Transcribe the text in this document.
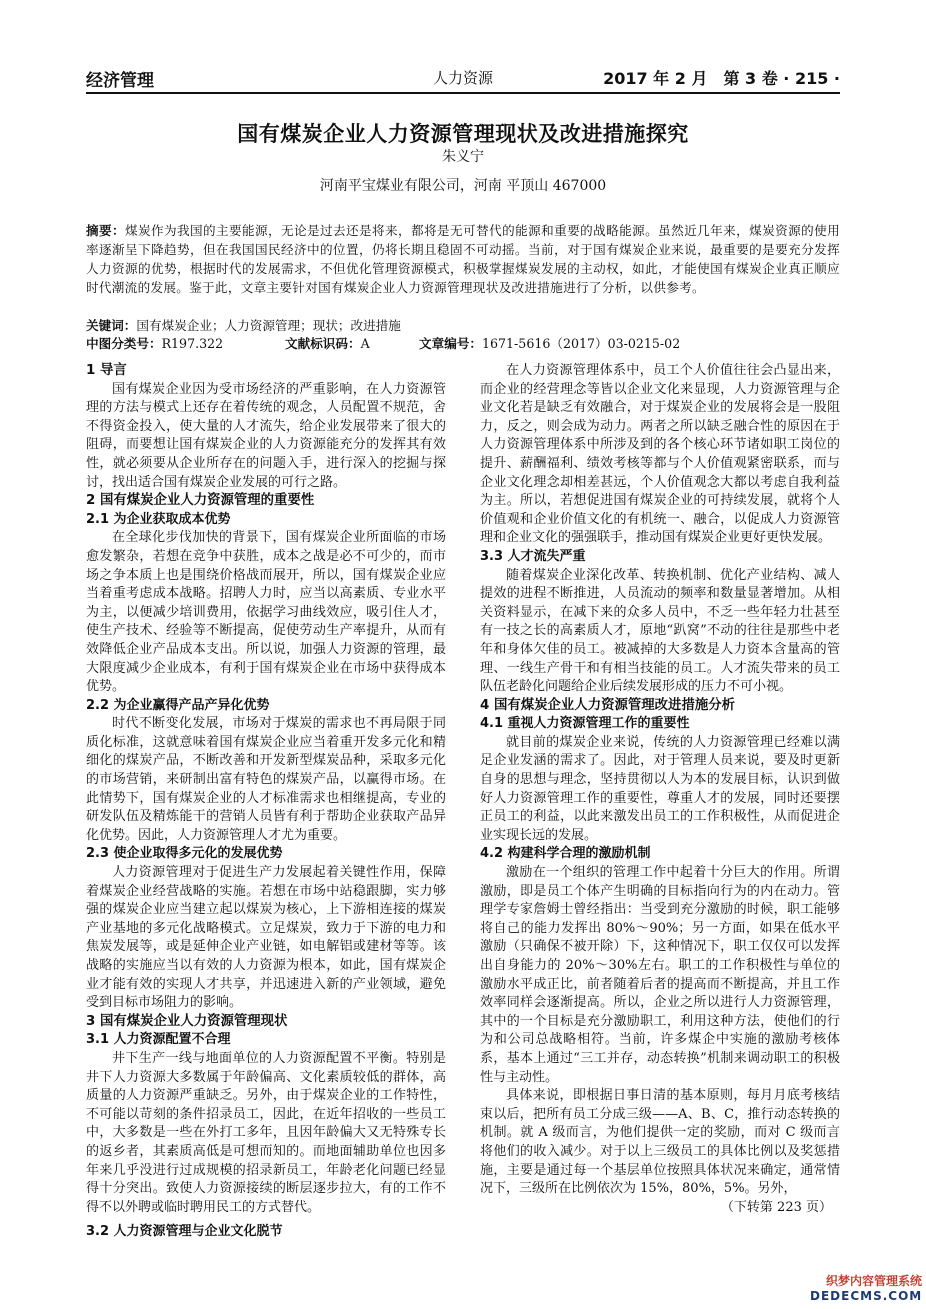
经济管理	人力资源	2017 年 2 月　第 3 卷 · 215 ·
国有煤炭企业人力资源管理现状及改进措施探究
朱义宁
河南平宝煤业有限公司，河南 平顶山 467000
摘要：煤炭作为我国的主要能源，无论是过去还是将来，都将是无可替代的能源和重要的战略能源。虽然近几年来，煤炭资源的使用率逐渐呈下降趋势，但在我国国民经济中的位置，仍将长期且稳固不可动摇。当前，对于国有煤炭企业来说，最重要的是要充分发挥人力资源的优势，根据时代的发展需求，不但优化管理资源模式，积极掌握煤炭发展的主动权，如此，才能使国有煤炭企业真正顺应时代潮流的发展。鉴于此，文章主要针对国有煤炭企业人力资源管理现状及改进措施进行了分析，以供参考。
关键词：国有煤炭企业；人力资源管理；现状；改进措施
中图分类号：R197.322	文献标识码：A	文章编号：1671-5616（2017）03-0215-02
1 导言

国有煤炭企业因为受市场经济的严重影响，在人力资源管理的方法与模式上还存在着传统的观念，人员配置不规范，舍不得资金投入，使大量的人才流失，给企业发展带来了很大的阻碍，而要想让国有煤炭企业的人力资源能充分的发挥其有效性，就必须要从企业所存在的问题入手，进行深入的挖掘与探讨，找出适合国有煤炭企业发展的可行之路。

2 国有煤炭企业人力资源管理的重要性
2.1 为企业获取成本优势

在全球化步伐加快的背景下，国有煤炭企业所面临的市场愈发繁杂，若想在竞争中获胜，成本之战是必不可少的，而市场之争本质上也是围绕价格战而展开，所以，国有煤炭企业应当着重考虑成本战略。招聘人力时，应当以高素质、专业水平为主，以便减少培训费用，依据学习曲线效应，吸引住人才，使生产技术、经验等不断提高，促使劳动生产率提升，从而有效降低企业产品成本支出。所以说，加强人力资源的管理，最大限度减少企业成本，有利于国有煤炭企业在市场中获得成本优势。

2.2 为企业赢得产品产异化优势

时代不断变化发展，市场对于煤炭的需求也不再局限于同质化标准，这就意味着国有煤炭企业应当着重开发多元化和精细化的煤炭产品，不断改善和开发新型煤炭品种，采取多元化的市场营销，来研制出富有特色的煤炭产品，以赢得市场。在此情势下，国有煤炭企业的人才标准需求也相继提高，专业的研发队伍及精炼能干的营销人员皆有利于帮助企业获取产品异化优势。因此，人力资源管理人才尤为重要。

2.3 使企业取得多元化的发展优势

人力资源管理对于促进生产力发展起着关键性作用，保障着煤炭企业经营战略的实施。若想在市场中站稳跟脚，实力够强的煤炭企业应当建立起以煤炭为核心，上下游相连接的煤炭产业基地的多元化战略模式。立足煤炭，致力于下游的电力和焦炭发展等，或是延伸企业产业链，如电解铝或建材等等。该战略的实施应当以有效的人力资源为根本，如此，国有煤炭企业才能有效的实现人才共享，并迅速进入新的产业领域，避免受到目标市场阻力的影响。

3 国有煤炭企业人力资源管理现状
3.1 人力资源配置不合理

井下生产一线与地面单位的人力资源配置不平衡。特别是井下人力资源大多数属于年龄偏高、文化素质较低的群体，高质量的人力资源严重缺乏。另外，由于煤炭企业的工作特性，不可能以苛刻的条件招录员工，因此，在近年招收的一些员工中，大多数是一些在外打工多年，且因年龄偏大又无特殊专长的返乡者，其素质高低是可想而知的。而地面辅助单位也因多年来几乎没进行过成规模的招录新员工，年龄老化问题已经显得十分突出。致使人力资源接续的断层逐步拉大，有的工作不得不以外聘或临时聘用民工的方式替代。

3.2 人力资源管理与企业文化脱节

在人力资源管理体系中，员工个人价值往往会凸显出来，而企业的经营理念等皆以企业文化来显现，人力资源管理与企业文化若是缺乏有效融合，对于煤炭企业的发展将会是一股阻力，反之，则会成为动力。两者之所以缺乏融合性的原因在于人力资源管理体系中所涉及到的各个核心环节诸如职工岗位的提升、薪酬福利、绩效考核等都与个人价值观紧密联系，而与企业文化理念却相差甚远，个人价值观念大都以考虑自我利益为主。所以，若想促进国有煤炭企业的可持续发展，就将个人价值观和企业价值文化的有机统一、融合，以促成人力资源管理和企业文化的强强联手，推动国有煤炭企业更好更快发展。

3.3 人才流失严重

随着煤炭企业深化改革、转换机制、优化产业结构、减人提效的进程不断推进，人员流动的频率和数量显著增加。从相关资料显示，在减下来的众多人员中，不乏一些年轻力壮甚至有一技之长的高素质人才，原地“趴窝”不动的往往是那些中老年和身体欠佳的员工。被减掉的大多数是人力资本含量高的管理、一线生产骨干和有相当技能的员工。人才流失带来的员工队伍老龄化问题给企业后续发展形成的压力不可小视。

4 国有煤炭企业人力资源管理改进措施分析
4.1 重视人力资源管理工作的重要性

就目前的煤炭企业来说，传统的人力资源管理已经难以满足企业发涵的需求了。因此，对于管理人员来说，要及时更新自身的思想与理念，坚持贯彻以人为本的发展目标，认识到做好人力资源管理工作的重要性，尊重人才的发展，同时还要摆正员工的利益，以此来激发出员工的工作积极性，从而促进企业实现长远的发展。

4.2 构建科学合理的激励机制

激励在一个组织的管理工作中起着十分巨大的作用。所谓激励，即是员工个体产生明确的目标指向行为的内在动力。管理学专家詹姆士曾经指出：当受到充分激励的时候，职工能够将自己的能力发挥出 80%～90%；另一方面，如果在低水平激励（只确保不被开除）下，这种情况下，职工仅仅可以发挥出自身能力的 20%～30%左右。职工的工作积极性与单位的激励水平成正比，前者随着后者的提高而不断提高，并且工作效率同样会逐渐提高。所以，企业之所以进行人力资源管理，其中的一个目标是充分激励职工，利用这种方法，使他们的行为和公司总战略相符。当前，许多煤企中实施的激励考核体系，基本上通过“三工并存，动态转换”机制来调动职工的积极性与主动性。

具体来说，即根据日事日清的基本原则，每月月底考核结束以后，把所有员工分成三级——A、B、C，推行动态转换的机制。就 A 级而言，为他们提供一定的奖励，而对 C 级而言将他们的收入减少。对于以上三级员工的具体比例以及奖惩措施，主要是通过每一个基层单位按照具体状况来确定，通常情况下，三级所在比例依次为 15%，80%，5%。另外，

（下转第 223 页）

织梦内容管理系统
DEDECMS.COM
